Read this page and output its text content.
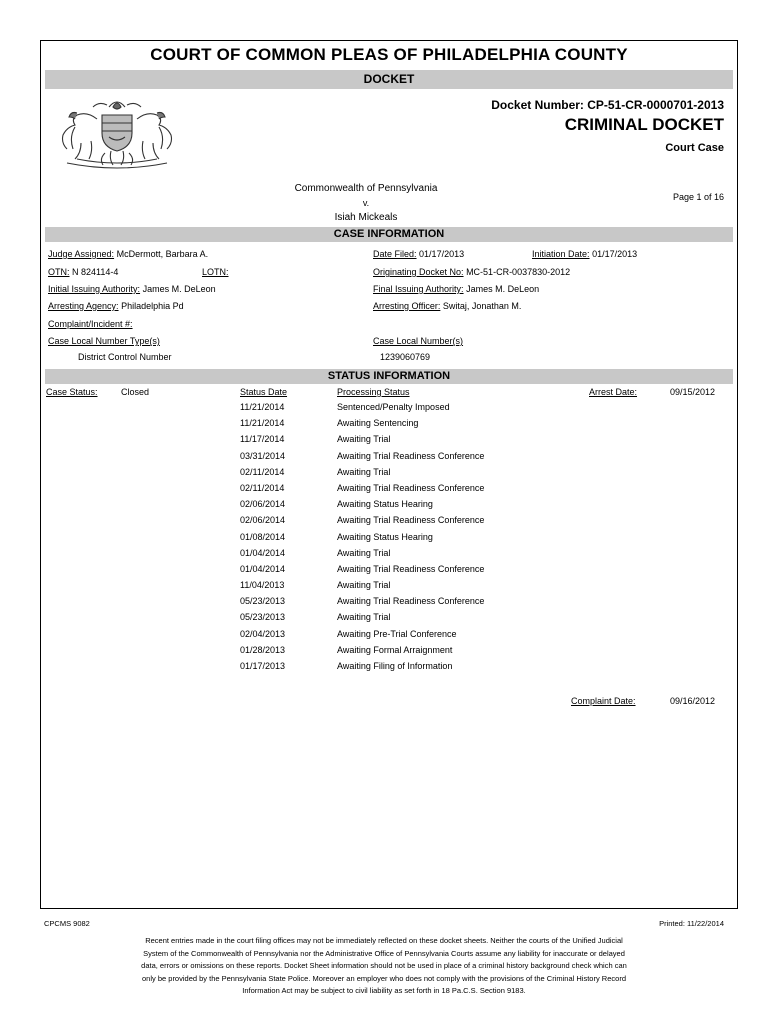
COURT OF COMMON PLEAS OF PHILADELPHIA COUNTY
DOCKET
Docket Number: CP-51-CR-0000701-2013
CRIMINAL DOCKET
Court Case
Commonwealth of Pennsylvania
v.
Isiah Mickeals
Page 1 of 16
CASE INFORMATION
Judge Assigned: McDermott, Barbara A.	Date Filed: 01/17/2013	Initiation Date: 01/17/2013
OTN: N 824114-4	LOTN:	Originating Docket No: MC-51-CR-0037830-2012
Initial Issuing Authority: James M. DeLeon	Final Issuing Authority: James M. DeLeon
Arresting Agency: Philadelphia Pd	Arresting Officer: Switaj, Jonathan M.
Complaint/Incident #:
Case Local Number Type(s)	Case Local Number(s)
District Control Number	1239060769
STATUS INFORMATION
Case Status:	Closed	Status Date	Processing Status	Arrest Date:	09/15/2012
11/21/2014	Sentenced/Penalty Imposed
11/21/2014	Awaiting Sentencing
11/17/2014	Awaiting Trial
03/31/2014	Awaiting Trial Readiness Conference
02/11/2014	Awaiting Trial
02/11/2014	Awaiting Trial Readiness Conference
02/06/2014	Awaiting Status Hearing
02/06/2014	Awaiting Trial Readiness Conference
01/08/2014	Awaiting Status Hearing
01/04/2014	Awaiting Trial
01/04/2014	Awaiting Trial Readiness Conference
11/04/2013	Awaiting Trial
05/23/2013	Awaiting Trial Readiness Conference
05/23/2013	Awaiting Trial
02/04/2013	Awaiting Pre-Trial Conference
01/28/2013	Awaiting Formal Arraignment
01/17/2013	Awaiting Filing of Information
Complaint Date:	09/16/2012
CPCMS 9082	Printed: 11/22/2014
Recent entries made in the court filing offices may not be immediately reflected on these docket sheets. Neither the courts of the Unified Judicial
System of the Commonwealth of Pennsylvania nor the Administrative Office of Pennsylvania Courts assume any liability for inaccurate or delayed
data, errors or omissions on these reports. Docket Sheet information should not be used in place of a criminal history background check which can
only be provided by the Pennsylvania State Police. Moreover an employer who does not comply with the provisions of the Criminal History Record
Information Act may be subject to civil liability as set forth in 18 Pa.C.S. Section 9183.
